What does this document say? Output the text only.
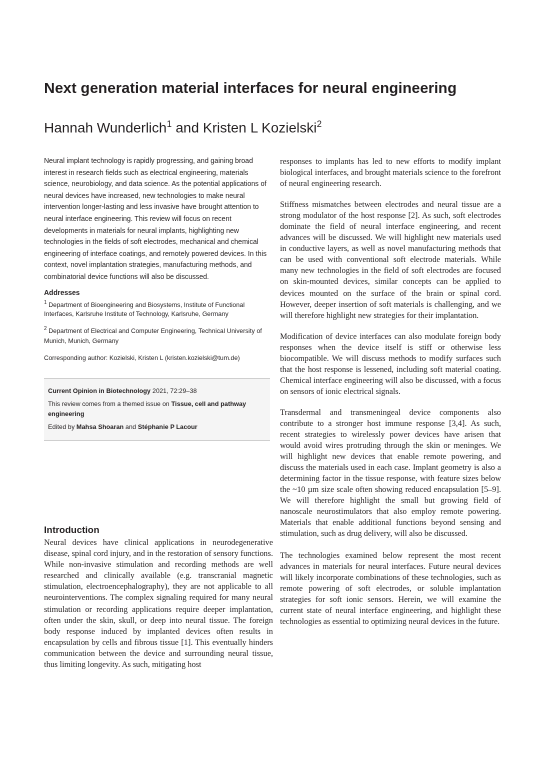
Next generation material interfaces for neural engineering
Hannah Wunderlich$^1$ and Kristen L Kozielski$^2$

Neural implant technology is rapidly progressing, and gaining broad interest in research fields such as electrical engineering, materials science, neurobiology, and data science. As the potential applications of neural devices have increased, new technologies to make neural intervention longer-lasting and less invasive have brought attention to neural interface engineering. This review will focus on recent developments in materials for neural implants, highlighting new technologies in the fields of soft electrodes, mechanical and chemical engineering of interface coatings, and remotely powered devices. In this context, novel implantation strategies, manufacturing methods, and combinatorial device functions will also be discussed.

Addresses

$^1$ Department of Bioengineering and Biosystems, Institute of Functional Interfaces, Karlsruhe Institute of Technology, Karlsruhe, Germany

$^2$ Department of Electrical and Computer Engineering, Technical University of Munich, Munich, Germany

Corresponding author: Kozielski, Kristen L (kristen.kozielski@tum.de)

Current Opinion in Biotechnology 2021, 72:29–38

This review comes from a themed issue on Tissue, cell and pathway engineering

Edited by Mahsa Shoaran and Stéphanie P Lacour

Introduction

Neural devices have clinical applications in neurodegenerative disease, spinal cord injury, and in the restoration of sensory functions. While non-invasive stimulation and recording methods are well researched and clinically available (e.g. transcranial magnetic stimulation, electroencephalography), they are not applicable to all neurointerventions. The complex signaling required for many neural stimulation or recording applications require deeper implantation, often under the skin, skull, or deep into neural tissue. The foreign body response induced by implanted devices often results in encapsulation by cells and fibrous tissue [1]. This eventually hinders communication between the device and surrounding neural tissue, thus limiting longevity. As such, mitigating host

responses to implants has led to new efforts to modify implant biological interfaces, and brought materials science to the forefront of neural engineering research.

Stiffness mismatches between electrodes and neural tissue are a strong modulator of the host response [2]. As such, soft electrodes dominate the field of neural interface engineering, and recent advances will be discussed. We will highlight new materials used in conductive layers, as well as novel manufacturing methods that can be used with conventional soft electrode materials. While many new technologies in the field of soft electrodes are focused on skin-mounted devices, similar concepts can be applied to devices mounted on the surface of the brain or spinal cord. However, deeper insertion of soft materials is challenging, and we will therefore highlight new strategies for their implantation.

Modification of device interfaces can also modulate foreign body responses when the device itself is stiff or otherwise less biocompatible. We will discuss methods to modify surfaces such that the host response is lessened, including soft material coating. Chemical interface engineering will also be discussed, with a focus on sensors of ionic electrical signals.

Transdermal and transmeningeal device components also contribute to a stronger host immune response [3,4]. As such, recent strategies to wirelessly power devices have arisen that would avoid wires protruding through the skin or meninges. We will highlight new devices that enable remote powering, and discuss the materials used in each case. Implant geometry is also a determining factor in the tissue response, with feature sizes below the ~10 µm size scale often showing reduced encapsulation [5–9]. We will therefore highlight the small but growing field of nanoscale neurostimulators that also employ remote powering. Materials that enable additional functions beyond sensing and stimulation, such as drug delivery, will also be discussed.

The technologies examined below represent the most recent advances in materials for neural interfaces. Future neural devices will likely incorporate combinations of these technologies, such as remote powering of soft electrodes, or soluble implantation strategies for soft ionic sensors. Herein, we will examine the current state of neural interface engineering, and highlight these technologies as essential to optimizing neural devices in the future.
